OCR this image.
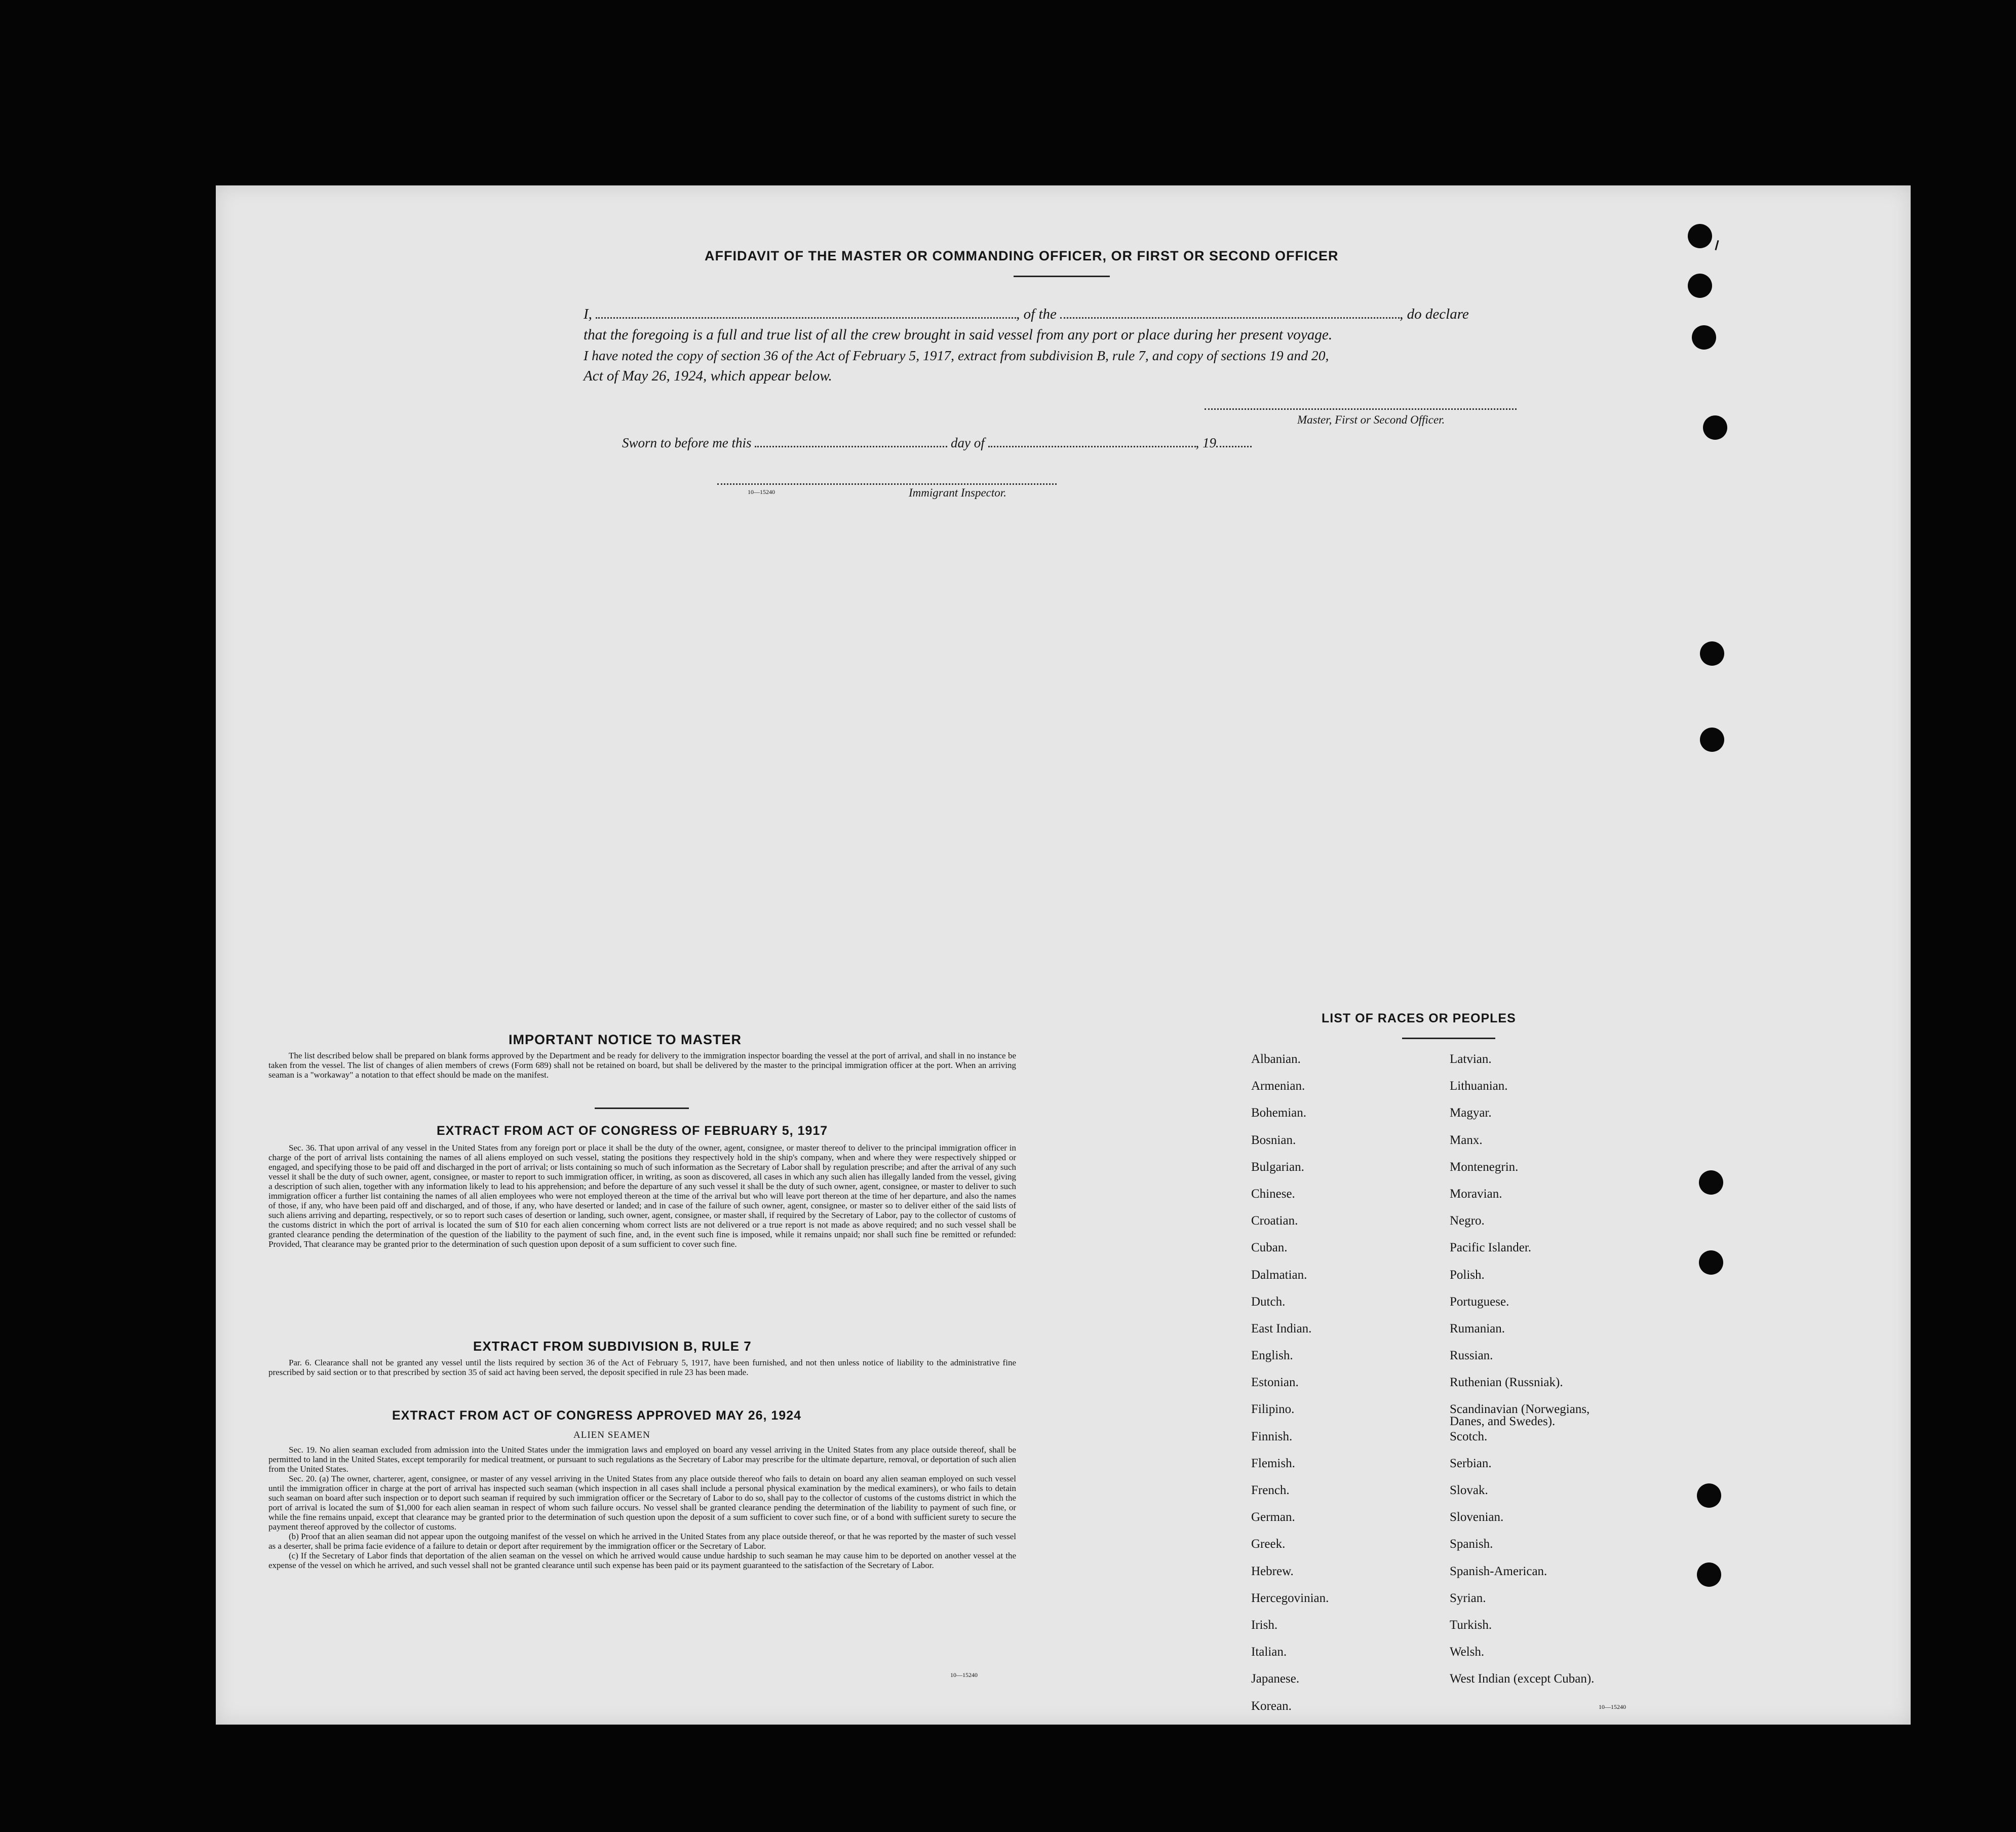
AFFIDAVIT OF THE MASTER OR COMMANDING OFFICER, OR FIRST OR SECOND OFFICER
I,	, of the	, do declare
that the foregoing is a full and true list of all the crew brought in said vessel from any port or place during her present voyage.
I have noted the copy of section 36 of the Act of February 5, 1917, extract from subdivision B, rule 7, and copy of sections 19 and 20,
Act of May 26, 1924, which appear below.
Master, First or Second Officer.
Sworn to before me this	day of	, 19
10—15240	Immigrant Inspector.
IMPORTANT NOTICE TO MASTER

The list described below shall be prepared on blank forms approved by the Department and be ready for delivery to the immigration inspector boarding the vessel at the port of arrival, and shall in no instance be taken from the vessel. The list of changes of alien members of crews (Form 689) shall not be retained on board, but shall be delivered by the master to the principal immigration officer at the port. When an arriving seaman is a "workaway" a notation to that effect should be made on the manifest.

EXTRACT FROM ACT OF CONGRESS OF FEBRUARY 5, 1917

Sec. 36. That upon arrival of any vessel in the United States from any foreign port or place it shall be the duty of the owner, agent, consignee, or master thereof to deliver to the principal immigration officer in charge of the port of arrival lists containing the names of all aliens employed on such vessel, stating the positions they respectively hold in the ship's company, when and where they were respectively shipped or engaged, and specifying those to be paid off and discharged in the port of arrival; or lists containing so much of such information as the Secretary of Labor shall by regulation prescribe; and after the arrival of any such vessel it shall be the duty of such owner, agent, consignee, or master to report to such immigration officer, in writing, as soon as discovered, all cases in which any such alien has illegally landed from the vessel, giving a description of such alien, together with any information likely to lead to his apprehension; and before the departure of any such vessel it shall be the duty of such owner, agent, consignee, or master to deliver to such immigration officer a further list containing the names of all alien employees who were not employed thereon at the time of the arrival but who will leave port thereon at the time of her departure, and also the names of those, if any, who have been paid off and discharged, and of those, if any, who have deserted or landed; and in case of the failure of such owner, agent, consignee, or master so to deliver either of the said lists of such aliens arriving and departing, respectively, or so to report such cases of desertion or landing, such owner, agent, consignee, or master shall, if required by the Secretary of Labor, pay to the collector of customs of the customs district in which the port of arrival is located the sum of $10 for each alien concerning whom correct lists are not delivered or a true report is not made as above required; and no such vessel shall be granted clearance pending the determination of the question of the liability to the payment of such fine, and, in the event such fine is imposed, while it remains unpaid; nor shall such fine be remitted or refunded: Provided, That clearance may be granted prior to the determination of such question upon deposit of a sum sufficient to cover such fine.

EXTRACT FROM SUBDIVISION B, RULE 7

Par. 6. Clearance shall not be granted any vessel until the lists required by section 36 of the Act of February 5, 1917, have been furnished, and not then unless notice of liability to the administrative fine prescribed by said section or to that prescribed by section 35 of said act having been served, the deposit specified in rule 23 has been made.

EXTRACT FROM ACT OF CONGRESS APPROVED MAY 26, 1924
ALIEN SEAMEN

Sec. 19. No alien seaman excluded from admission into the United States under the immigration laws and employed on board any vessel arriving in the United States from any place outside thereof, shall be permitted to land in the United States, except temporarily for medical treatment, or pursuant to such regulations as the Secretary of Labor may prescribe for the ultimate departure, removal, or deportation of such alien from the United States.

Sec. 20. (a) The owner, charterer, agent, consignee, or master of any vessel arriving in the United States from any place outside thereof who fails to detain on board any alien seaman employed on such vessel until the immigration officer in charge at the port of arrival has inspected such seaman (which inspection in all cases shall include a personal physical examination by the medical examiners), or who fails to detain such seaman on board after such inspection or to deport such seaman if required by such immigration officer or the Secretary of Labor to do so, shall pay to the collector of customs of the customs district in which the port of arrival is located the sum of $1,000 for each alien seaman in respect of whom such failure occurs. No vessel shall be granted clearance pending the determination of the liability to payment of such fine, or while the fine remains unpaid, except that clearance may be granted prior to the determination of such question upon the deposit of a sum sufficient to cover such fine, or of a bond with sufficient surety to secure the payment thereof approved by the collector of customs.

(b) Proof that an alien seaman did not appear upon the outgoing manifest of the vessel on which he arrived in the United States from any place outside thereof, or that he was reported by the master of such vessel as a deserter, shall be prima facie evidence of a failure to detain or deport after requirement by the immigration officer or the Secretary of Labor.

(c) If the Secretary of Labor finds that deportation of the alien seaman on the vessel on which he arrived would cause undue hardship to such seaman he may cause him to be deported on another vessel at the expense of the vessel on which he arrived, and such vessel shall not be granted clearance until such expense has been paid or its payment guaranteed to the satisfaction of the Secretary of Labor.

10—15240
LIST OF RACES OR PEOPLES
Albanian.
Armenian.
Bohemian.
Bosnian.
Bulgarian.
Chinese.
Croatian.
Cuban.
Dalmatian.
Dutch.
East Indian.
English.
Estonian.
Filipino.
Finnish.
Flemish.
French.
German.
Greek.
Hebrew.
Hercegovinian.
Irish.
Italian.
Japanese.
Korean.
Latvian.
Lithuanian.
Magyar.
Manx.
Montenegrin.
Moravian.
Negro.
Pacific Islander.
Polish.
Portuguese.
Rumanian.
Russian.
Ruthenian (Russniak).
Scandinavian (Norwegians,
Danes, and Swedes).
Scotch.
Serbian.
Slovak.
Slovenian.
Spanish.
Spanish-American.
Syrian.
Turkish.
Welsh.
West Indian (except Cuban).
10—15240
